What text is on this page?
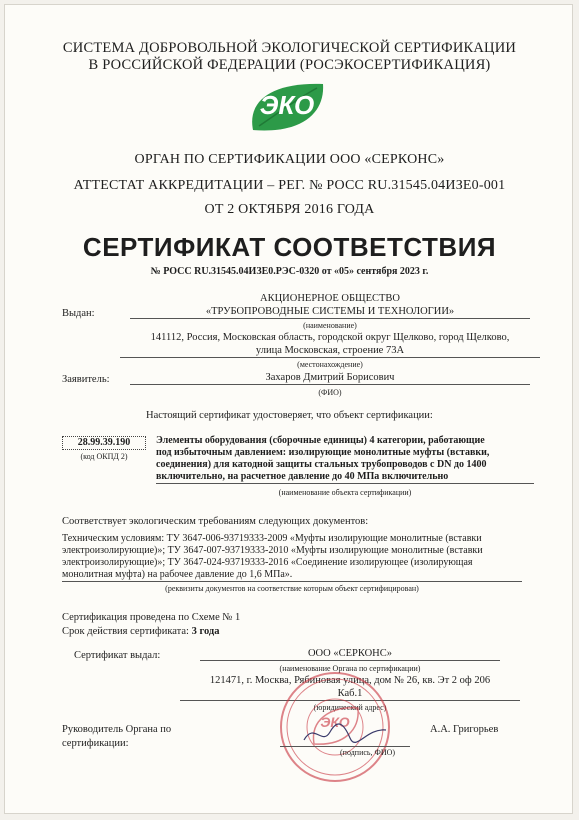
СИСТЕМА ДОБРОВОЛЬНОЙ ЭКОЛОГИЧЕСКОЙ СЕРТИФИКАЦИИ
В РОССИЙСКОЙ ФЕДЕРАЦИИ (РОСЭКОСЕРТИФИКАЦИЯ)
ЭКО
ОРГАН ПО СЕРТИФИКАЦИИ ООО «СЕРКОНС»
АТТЕСТАТ АККРЕДИТАЦИИ – РЕГ. № РОСС RU.31545.04ИЗЕ0-001
ОТ 2 ОКТЯБРЯ 2016 ГОДА
СЕРТИФИКАТ СООТВЕТСТВИЯ
№ РОСС RU.31545.04ИЗЕ0.РЭС-0320 от «05» сентября 2023 г.
Выдан:
АКЦИОНЕРНОЕ ОБЩЕСТВО
«ТРУБОПРОВОДНЫЕ СИСТЕМЫ И ТЕХНОЛОГИИ»
(наименование)
141112, Россия, Московская область, городской округ Щелково, город Щелково,
улица Московская, строение 73А
(местонахождение)
Заявитель:	Захаров Дмитрий Борисович
(ФИО)
Настоящий сертификат удостоверяет, что объект сертификации:
28.99.39.190
(код ОКПД 2)
Элементы оборудования (сборочные единицы) 4 категории, работающие
под избыточным давлением: изолирующие монолитные муфты (вставки,
соединения) для катодной защиты стальных трубопроводов с DN до 1400
включительно, на расчетное давление до 40 МПа включительно
(наименование объекта сертификации)
Соответствует экологическим требованиям следующих документов:
Техническим условиям: ТУ 3647-006-93719333-2009 «Муфты изолирующие монолитные (вставки
электроизолирующие)»; ТУ 3647-007-93719333-2010 «Муфты изолирующие монолитные (вставки
электроизолирующие)»; ТУ 3647-024-93719333-2016 «Соединение изолирующее (изолирующая
монолитная муфта) на рабочее давление до 1,6 МПа».
(реквизиты документов на соответствие которым объект сертифицирован)
Сертификация проведена по Схеме № 1
Срок действия сертификата: 3 года
Сертификат выдал:	ООО «СЕРКОНС»
(наименование Органа по сертификации)
121471, г. Москва, Рябиновая улица, дом № 26, кв. Эт 2 оф 206
Каб.1
(юридический адрес)
ЭКО
Руководитель Органа по
сертификации:
А.А. Григорьев
(подпись, ФИО)
